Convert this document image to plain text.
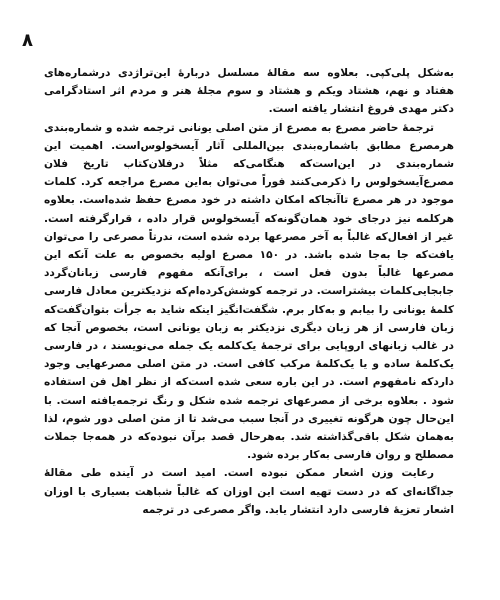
۸

به‌شکل پلی‌کپی. بعلاوه سه مقالهٔ مسلسل دربارهٔ این‌تراژدی درشماره‌های هفتاد و نهم، هشتاد ویکم و هشتاد و سوم مجلهٔ هنر و مردم اثر استادگرامی دکتر مهدی فروغ انتشار یافته است.

ترجمهٔ حاضر مصرع به مصرع از متن اصلی یونانی ترجمه شده و شماره‌بندی هرمصرع مطابق باشماره‌بندی بین‌المللی آثار آیسخولوس‌است. اهمیت این شماره‌بندی در این‌است‌که هنگامی‌که مثلاً درفلان‌کتاب تاریخ فلان مصرع‌آیسخولوس را ذکرمی‌کنند فوراً می‌توان به‌این مصرع مراجعه کرد. کلمات موجود در هر مصرع تاآنجاکه امکان داشته در خود مصرع حفظ شده‌است. بعلاوه هرکلمه نیز درجای خود همان‌گونه‌که آیسخولوس قرار داده ، قرارگرفته است. غیر از افعال‌که غالباً به آخر مصرعها برده شده است، ندرتاً مصرعی را می‌توان یافت‌که جا به‌جا شده باشد. در ۱۵۰ مصرع اولیه بخصوص به علت آنکه این مصرعها غالباً بدون فعل است ، برای‌آنکه مفهوم فارسی زبانان‌گردد جابجایی‌کلمات بیشتراست. در ترجمه کوشش‌کرده‌ام‌که نزدیکترین معادل فارسی کلمهٔ یونانی را بیابم و به‌کار برم. شگفت‌انگیز اینکه شاید به جرأت بتوان‌گفت‌که زبان فارسی از هر زبان دیگری نزدیکتر به زبان یونانی است، بخصوص آنجا که در غالب زبانهای اروپایی برای ترجمهٔ یک‌کلمه یک جمله می‌نویسند ، در فارسی یک‌کلمهٔ ساده و یا یک‌کلمهٔ مرکب کافی است. در متن اصلی مصرعهایی وجود داردکه نامفهوم است. در این باره سعی شده است‌که از نظر اهل فن استفاده شود . بعلاوه برخی از مصرعهای ترجمه شده شکل و رنگ ترجمه‌یافته است. با این‌حال چون هرگونه تغییری در آنجا سبب می‌شد تا از متن اصلی دور شوم، لذا به‌همان شکل باقی‌گذاشته شد. به‌هرحال قصد برآن نبوده‌که در همه‌جا جملات مصطلح و روان فارسی به‌کار برده شود.

رعایت وزن اشعار ممکن نبوده است. امید است در آینده طی مقالهٔ جداگانه‌ای که در دست تهیه است این اوزان که غالباً شباهت بسیاری با اوزان اشعار تعزیهٔ فارسی دارد انتشار یابد. واگر مصرعی در ترجمه
